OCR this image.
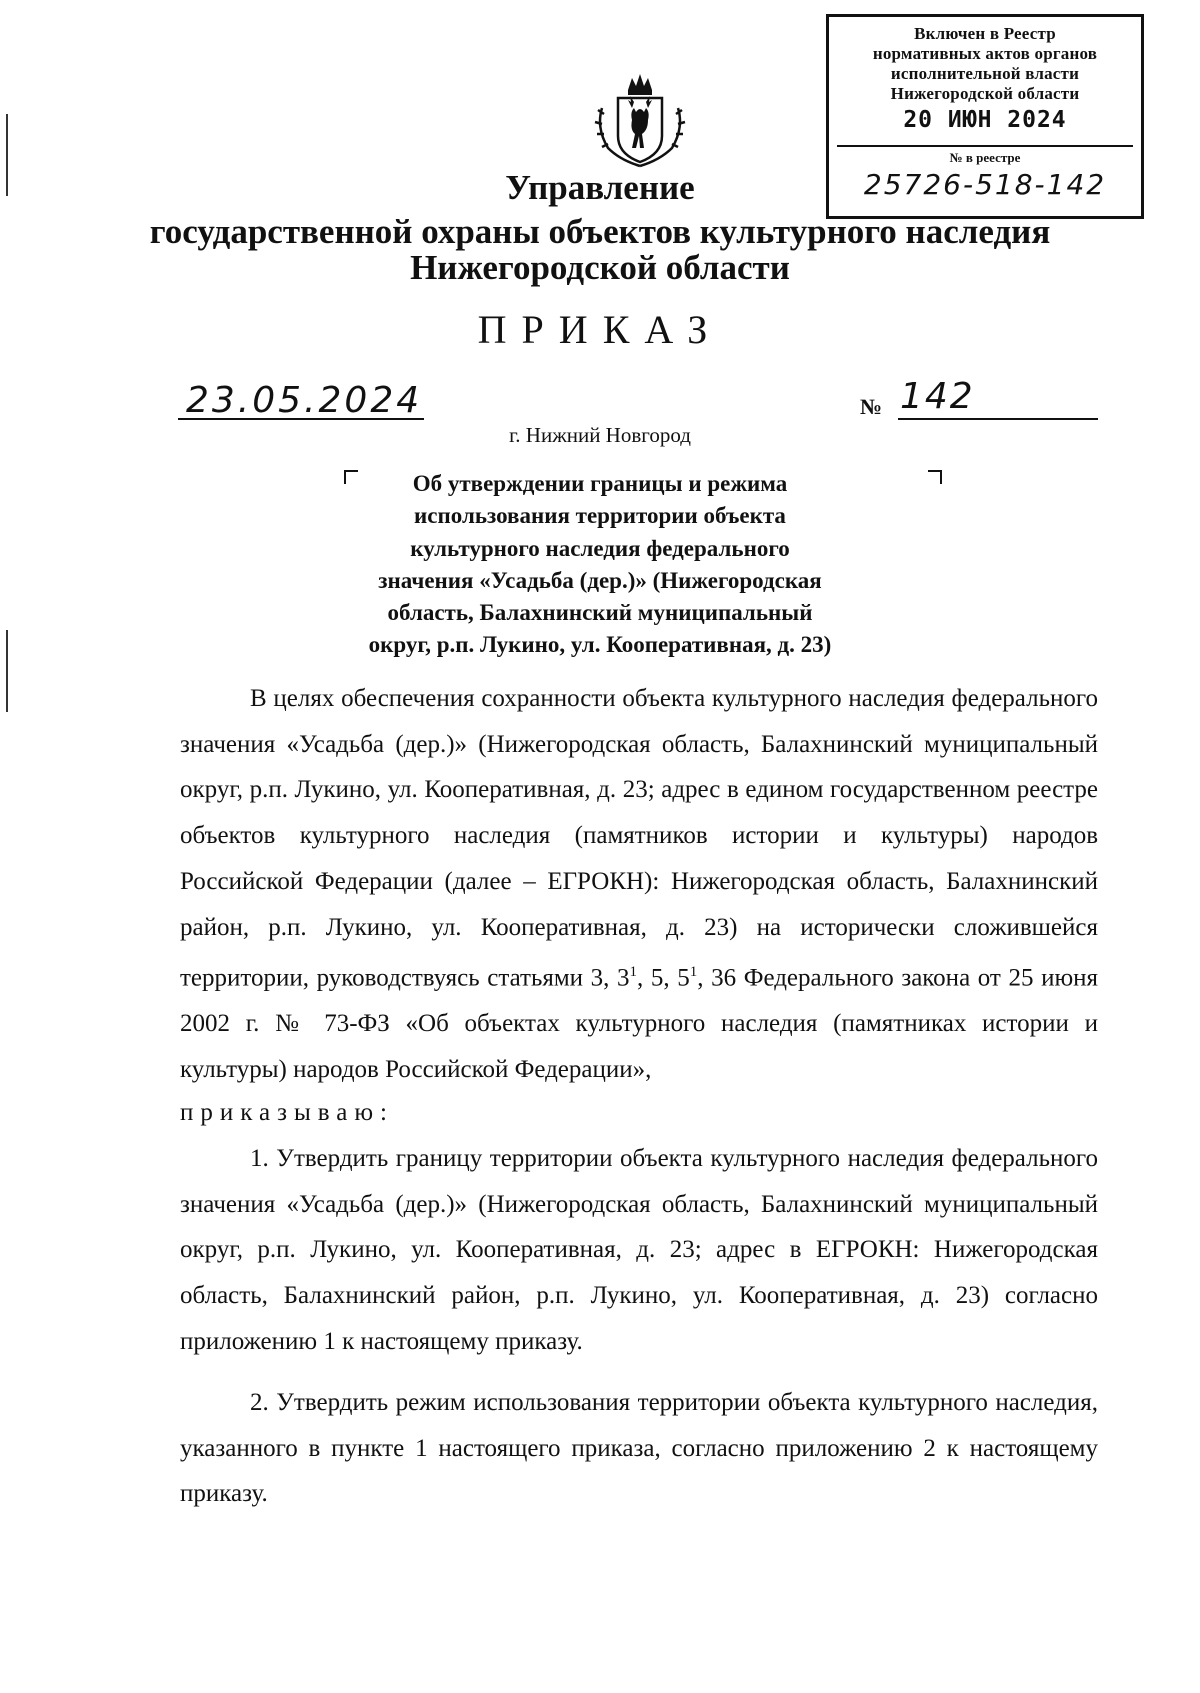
Включен в Реестр
нормативных актов органов
исполнительной власти
Нижегородской области
20 ИЮН 2024
№ в реестре
25726-518-142
Управление
государственной охраны объектов культурного наследия
Нижегородской области
ПРИКАЗ
23.05.2024	№ 142
г. Нижний Новгород
Об утверждении границы и режима
использования территории объекта
культурного наследия федерального
значения «Усадьба (дер.)» (Нижегородская
область, Балахнинский муниципальный
округ, р.п. Лукино, ул. Кооперативная, д. 23)
В целях обеспечения сохранности объекта культурного наследия федерального значения «Усадьба (дер.)» (Нижегородская область, Балахнинский муниципальный округ, р.п. Лукино, ул. Кооперативная, д. 23; адрес в едином государственном реестре объектов культурного наследия (памятников истории и культуры) народов Российской Федерации (далее – ЕГРОКН): Нижегородская область, Балахнинский район, р.п. Лукино, ул. Кооперативная, д. 23) на исторически сложившейся территории, руководствуясь статьями 3, $3^1$, 5, $5^1$, 36 Федерального закона от 25 июня 2002 г. № 73-ФЗ «Об объектах культурного наследия (памятниках истории и культуры) народов Российской Федерации»,
приказываю:
1. Утвердить границу территории объекта культурного наследия федерального значения «Усадьба (дер.)» (Нижегородская область, Балахнинский муниципальный округ, р.п. Лукино, ул. Кооперативная, д. 23; адрес в ЕГРОКН: Нижегородская область, Балахнинский район, р.п. Лукино, ул. Кооперативная, д. 23) согласно приложению 1 к настоящему приказу.
2. Утвердить режим использования территории объекта культурного наследия, указанного в пункте 1 настоящего приказа, согласно приложению 2 к настоящему приказу.
